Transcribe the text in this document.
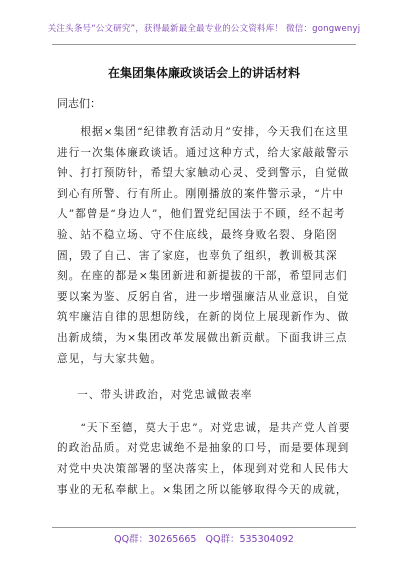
关注头条号“公文研究”，获得最新最全最专业的公文资料库！ 微信：gongwenyj
在集团集体廉政谈话会上的讲话材料
同志们：

根据×集团“纪律教育活动月”安排，今天我们在这里进行一次集体廉政谈话。通过这种方式，给大家敲敲警示钟、打打预防针，希望大家触动心灵、受到警示，自觉做到心有所警、行有所止。刚刚播放的案件警示录，“片中人”都曾是“身边人”，他们置党纪国法于不顾，经不起考验、站不稳立场、守不住底线，最终身败名裂、身陷囹圄，毁了自己、害了家庭，也辜负了组织，教训极其深刻。在座的都是×集团新进和新提拔的干部，希望同志们要以案为鉴、反躬自省，进一步增强廉洁从业意识，自觉筑牢廉洁自律的思想防线，在新的岗位上展现新作为、做出新成绩，为×集团改革发展做出新贡献。下面我讲三点意见，与大家共勉。

一、带头讲政治，对党忠诚做表率

“天下至德，莫大于忠”。对党忠诚，是共产党人首要的政治品质。对党忠诚绝不是抽象的口号，而是要体现到对党中央决策部署的坚决落实上，体现到对党和人民伟大事业的无私奉献上。×集团之所以能够取得今天的成就，

QQ群：30265665 QQ群：535304092
